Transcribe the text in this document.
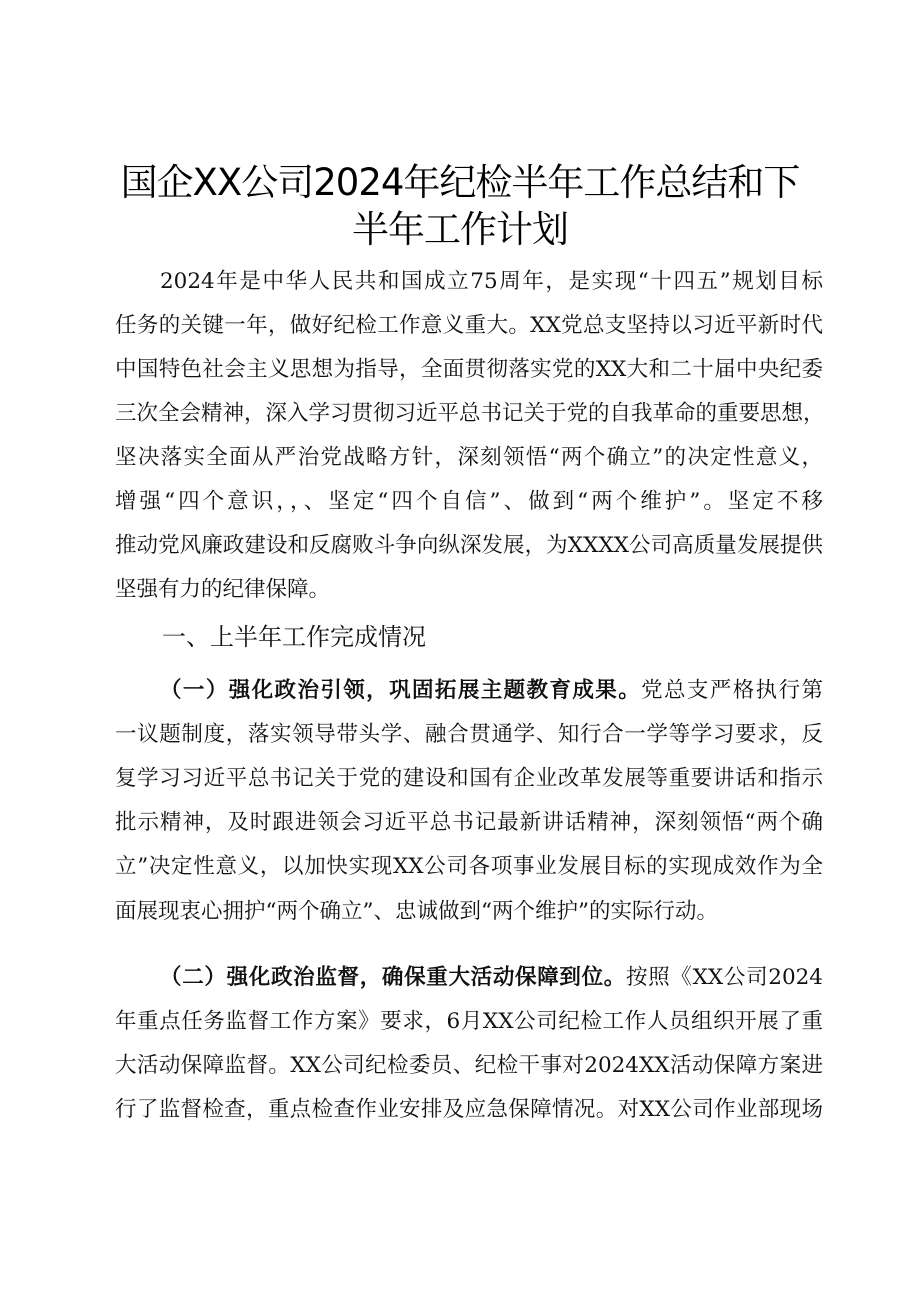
国企XX公司2024年纪检半年工作总结和下
半年工作计划
2024年是中华人民共和国成立75周年，是实现“十四五”规划目标
任务的关键一年，做好纪检工作意义重大。XX党总支坚持以习近平新时代
中国特色社会主义思想为指导，全面贯彻落实党的XX大和二十届中央纪委
三次全会精神，深入学习贯彻习近平总书记关于党的自我革命的重要思想，
坚决落实全面从严治党战略方针，深刻领悟“两个确立”的决定性意义，
增强“四个意识，，、坚定“四个自信”、做到“两个维护”。坚定不移
推动党风廉政建设和反腐败斗争向纵深发展，为XXXX公司高质量发展提供
坚强有力的纪律保障。
一、上半年工作完成情况
（一）强化政治引领，巩固拓展主题教育成果。党总支严格执行第
一议题制度，落实领导带头学、融合贯通学、知行合一学等学习要求，反
复学习习近平总书记关于党的建设和国有企业改革发展等重要讲话和指示
批示精神，及时跟进领会习近平总书记最新讲话精神，深刻领悟“两个确
立”决定性意义，以加快实现XX公司各项事业发展目标的实现成效作为全
面展现衷心拥护“两个确立”、忠诚做到“两个维护”的实际行动。
（二）强化政治监督，确保重大活动保障到位。按照《XX公司2024
年重点任务监督工作方案》要求，6月XX公司纪检工作人员组织开展了重
大活动保障监督。XX公司纪检委员、纪检干事对2024XX活动保障方案进
行了监督检查，重点检查作业安排及应急保障情况。对XX公司作业部现场
